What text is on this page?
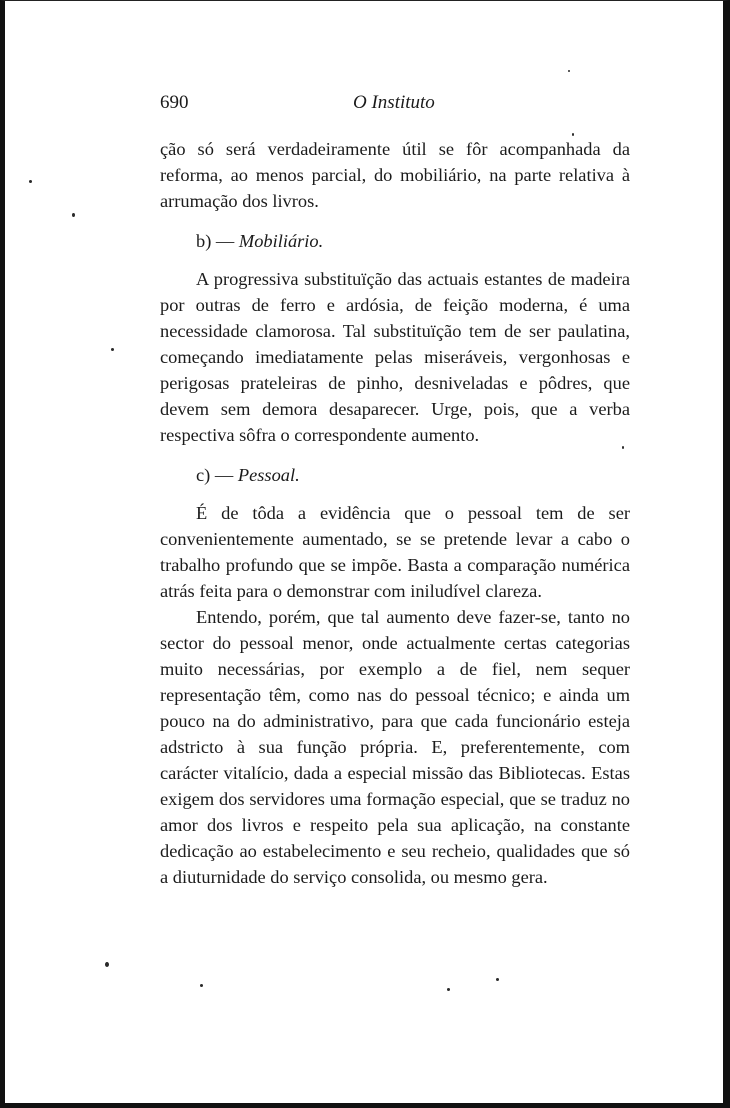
690	O Instituto

ção só será verdadeiramente útil se fôr acompanhada da reforma, ao menos parcial, do mobiliário, na parte relativa à arrumação dos livros.

b) — Mobiliário.

A progressiva substituïção das actuais estantes de madeira por outras de ferro e ardósia, de feição moderna, é uma necessidade clamorosa. Tal substituïção tem de ser paulatina, começando imediatamente pelas miseráveis, vergonhosas e perigosas prateleiras de pinho, desniveladas e pôdres, que devem sem demora desaparecer. Urge, pois, que a verba respectiva sôfra o correspondente aumento.

c) — Pessoal.

É de tôda a evidência que o pessoal tem de ser convenientemente aumentado, se se pretende levar a cabo o trabalho profundo que se impõe. Basta a comparação numérica atrás feita para o demonstrar com iniludível clareza.

Entendo, porém, que tal aumento deve fazer-se, tanto no sector do pessoal menor, onde actualmente certas categorias muito necessárias, por exemplo a de fiel, nem sequer representação têm, como nas do pessoal técnico; e ainda um pouco na do administrativo, para que cada funcionário esteja adstricto à sua função própria. E, preferentemente, com carácter vitalício, dada a especial missão das Bibliotecas. Estas exigem dos servidores uma formação especial, que se traduz no amor dos livros e respeito pela sua aplicação, na constante dedicação ao estabelecimento e seu recheio, qualidades que só a diuturnidade do serviço consolida, ou mesmo gera.
